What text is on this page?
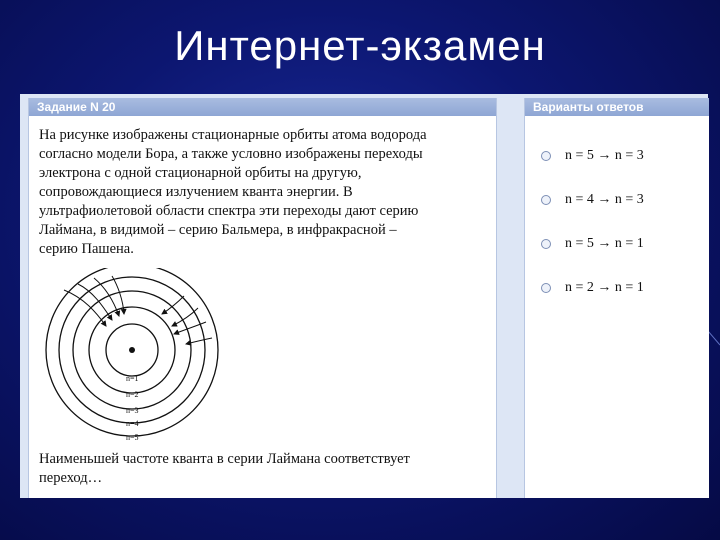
Интернет-экзамен
Задание N 20
На рисунке изображены стационарные орбиты атома водорода
согласно модели Бора, а также условно изображены переходы
электрона с одной стационарной орбиты на другую,
сопровождающиеся излучением кванта энергии. В
ультрафиолетовой области спектра эти переходы дают серию
Лаймана, в видимой – серию Бальмера, в инфракрасной –
серию Пашена.
n=1
n=2
n=3
n=4
n=5
Наименьшей частоте кванта в серии Лаймана соответствует
переход…
Варианты ответов
n = 5 → n = 3
n = 4 → n = 3
n = 5 → n = 1
n = 2 → n = 1
